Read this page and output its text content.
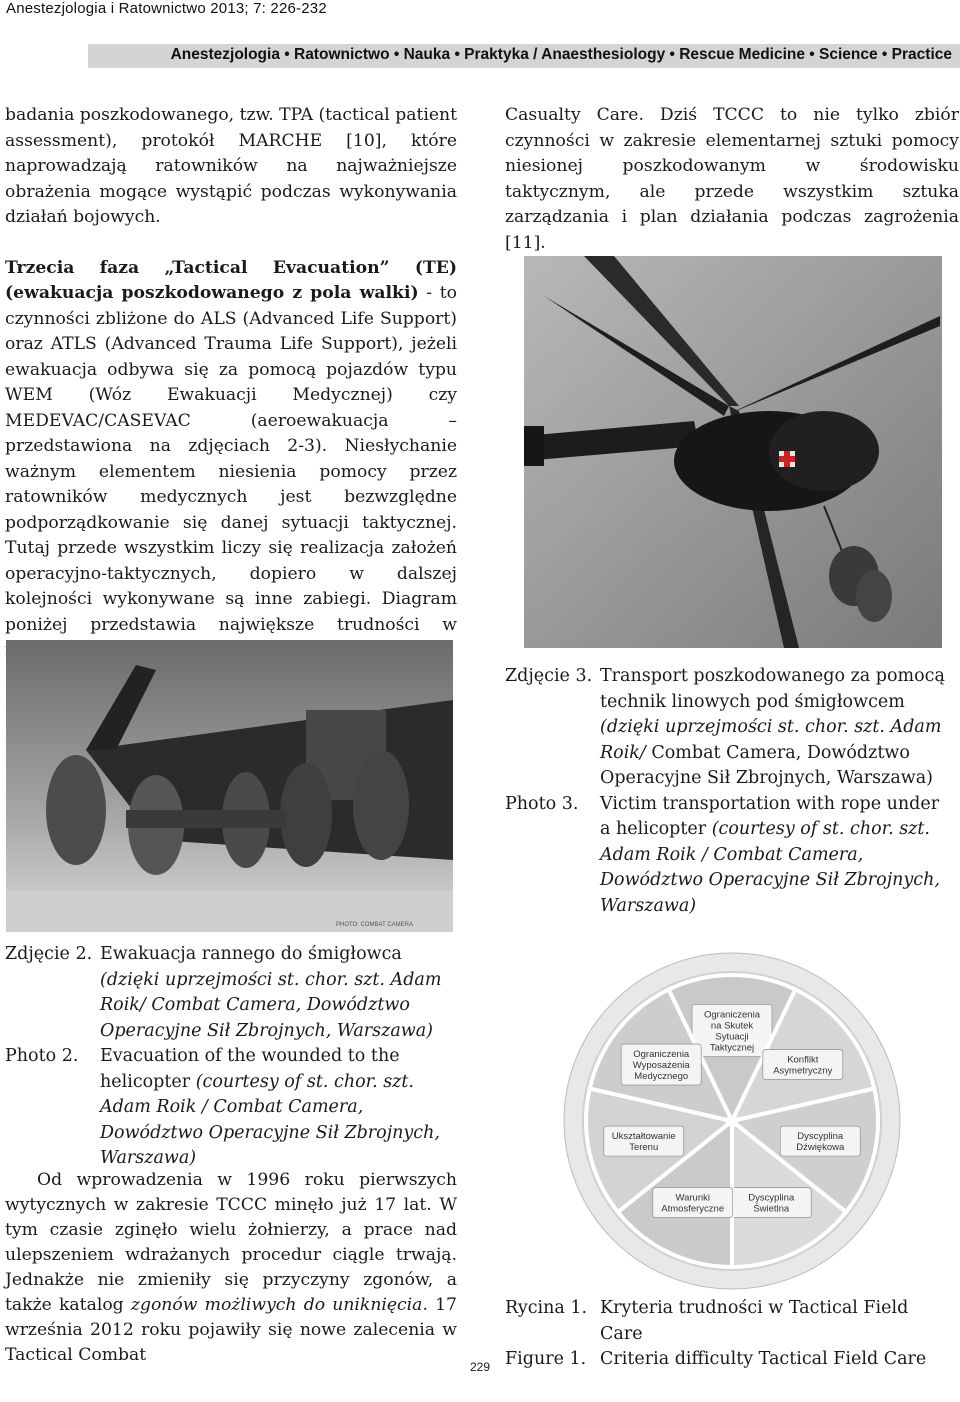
Anestezjologia i Ratownictwo 2013; 7: 226-232
Anestezjologia • Ratownictwo • Nauka • Praktyka / Anaesthesiology • Rescue Medicine • Science • Practice

badania poszkodowanego, tzw. TPA (tactical patient assessment), protokół MARCHE [10], które naprowadzają ratowników na najważniejsze obrażenia mogące wystąpić podczas wykonywania działań bojowych.

Trzecia faza „Tactical Evacuation” (TE) (ewakuacja poszkodowanego z pola walki) - to czynności zbliżone do ALS (Advanced Life Support) oraz ATLS (Advanced Trauma Life Support), jeżeli ewakuacja odbywa się za pomocą pojazdów typu WEM (Wóz Ewakuacji Medycznej) czy MEDEVAC/CASEVAC (aeroewakuacja – przedstawiona na zdjęciach 2-3). Niesłychanie ważnym elementem niesienia pomocy przez ratowników medycznych jest bezwzględne podporządkowanie się danej sytuacji taktycznej. Tutaj przede wszystkim liczy się realizacja założeń operacyjno-taktycznych, dopiero w dalszej kolejności wykonywane są inne zabiegi. Diagram poniżej przedstawia największe trudności w

Casualty Care. Dziś TCCC to nie tylko zbiór czynności w zakresie elementarnej sztuki pomocy niesionej poszkodowanym w środowisku taktycznym, ale przede wszystkim sztuka zarządzania i plan działania podczas zagrożenia [11].

PHOTO: COMBAT CAMERA
Zdjęcie 3. Transport poszkodowanego za pomocą technik linowych pod śmigłowcem (dzięki uprzejmości st. chor. szt. Adam Roik/ Combat Camera, Dowództwo Operacyjne Sił Zbrojnych, Warszawa)
Photo 3.	Victim transportation with rope under a helicopter (courtesy of st. chor. szt. Adam Roik / Combat Camera, Dowództwo Operacyjne Sił Zbrojnych, Warszawa)
Zdjęcie 2. Ewakuacja rannego do śmigłowca (dzięki uprzejmości st. chor. szt. Adam Roik/ Combat Camera, Dowództwo Operacyjne Sił Zbrojnych, Warszawa)
Photo 2.	Evacuation of the wounded to the helicopter (courtesy of st. chor. szt. Adam Roik / Combat Camera, Dowództwo Operacyjne Sił Zbrojnych, Warszawa)
Ograniczenia na Skutek Sytuacji Taktycznej
Konflikt Asymetryczny
Dyscyplina Dźwiękowa
Dyscyplina Świetlna
Warunki Atmosferyczne
Ukształtowanie Terenu
Ograniczenia Wyposażenia Medycznego
Rycina 1. Kryteria trudności w Tactical Field Care
Figure 1. Criteria difficulty Tactical Field Care

Od wprowadzenia w 1996 roku pierwszych wytycznych w zakresie TCCC minęło już 17 lat. W tym czasie zginęło wielu żołnierzy, a prace nad ulepszeniem wdrażanych procedur ciągle trwają. Jednakże nie zmieniły się przyczyny zgonów, a także katalog zgonów możliwych do uniknięcia. 17 września 2012 roku pojawiły się nowe zalecenia w Tactical Combat

229
